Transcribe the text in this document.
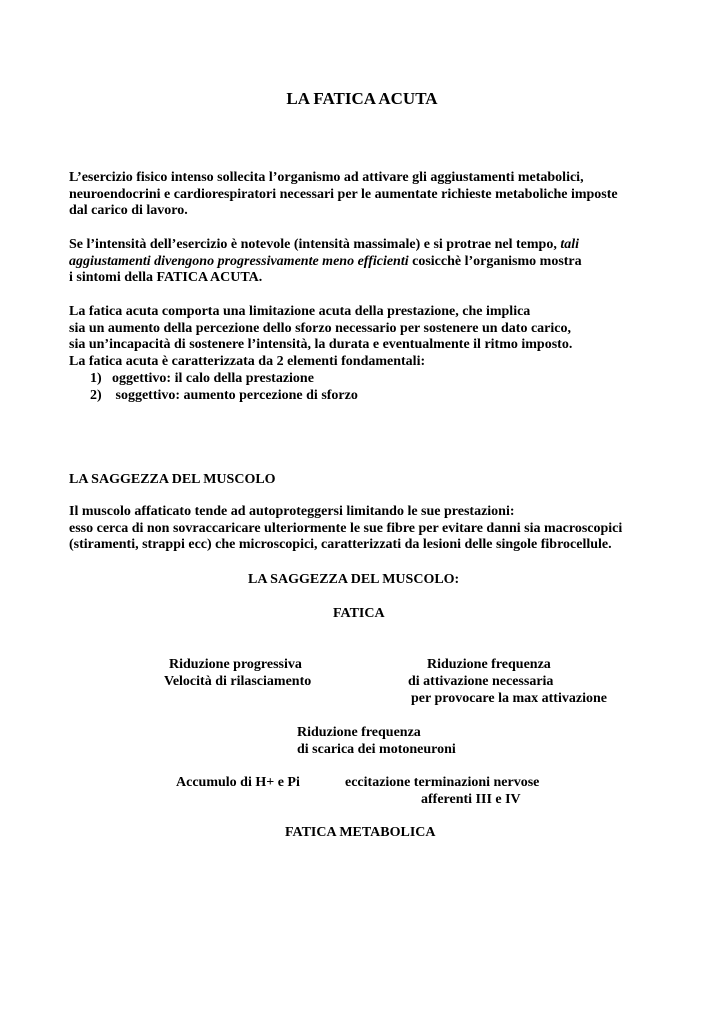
LA FATICA ACUTA
L’esercizio fisico intenso sollecita l’organismo ad attivare gli aggiustamenti metabolici,
neuroendocrini e cardiorespiratori necessari per le aumentate richieste metaboliche imposte
dal carico di lavoro.
Se l’intensità dell’esercizio è notevole (intensità massimale) e si protrae nel tempo, tali
aggiustamenti divengono progressivamente meno efficienti cosicchè l’organismo mostra
i sintomi della FATICA ACUTA.
La fatica acuta comporta una limitazione acuta della prestazione, che implica
sia un aumento della percezione dello sforzo necessario per sostenere un dato carico,
sia un’incapacità di sostenere l’intensità, la durata e eventualmente il ritmo imposto.
La fatica acuta è caratterizzata da 2 elementi fondamentali:
1) oggettivo: il calo della prestazione
2) soggettivo: aumento percezione di sforzo
LA SAGGEZZA DEL MUSCOLO
Il muscolo affaticato tende ad autoproteggersi limitando le sue prestazioni:
esso cerca di non sovraccaricare ulteriormente le sue fibre per evitare danni sia macroscopici
(stiramenti, strappi ecc) che microscopici, caratterizzati da lesioni delle singole fibrocellule.
LA SAGGEZZA DEL MUSCOLO:
FATICA
Riduzione progressiva
Velocità di rilasciamento
Riduzione frequenza
di attivazione necessaria
per provocare la max attivazione
Riduzione frequenza
di scarica dei motoneuroni
Accumulo di H+ e Pi	eccitazione terminazioni nervose
afferenti III e IV
FATICA METABOLICA
